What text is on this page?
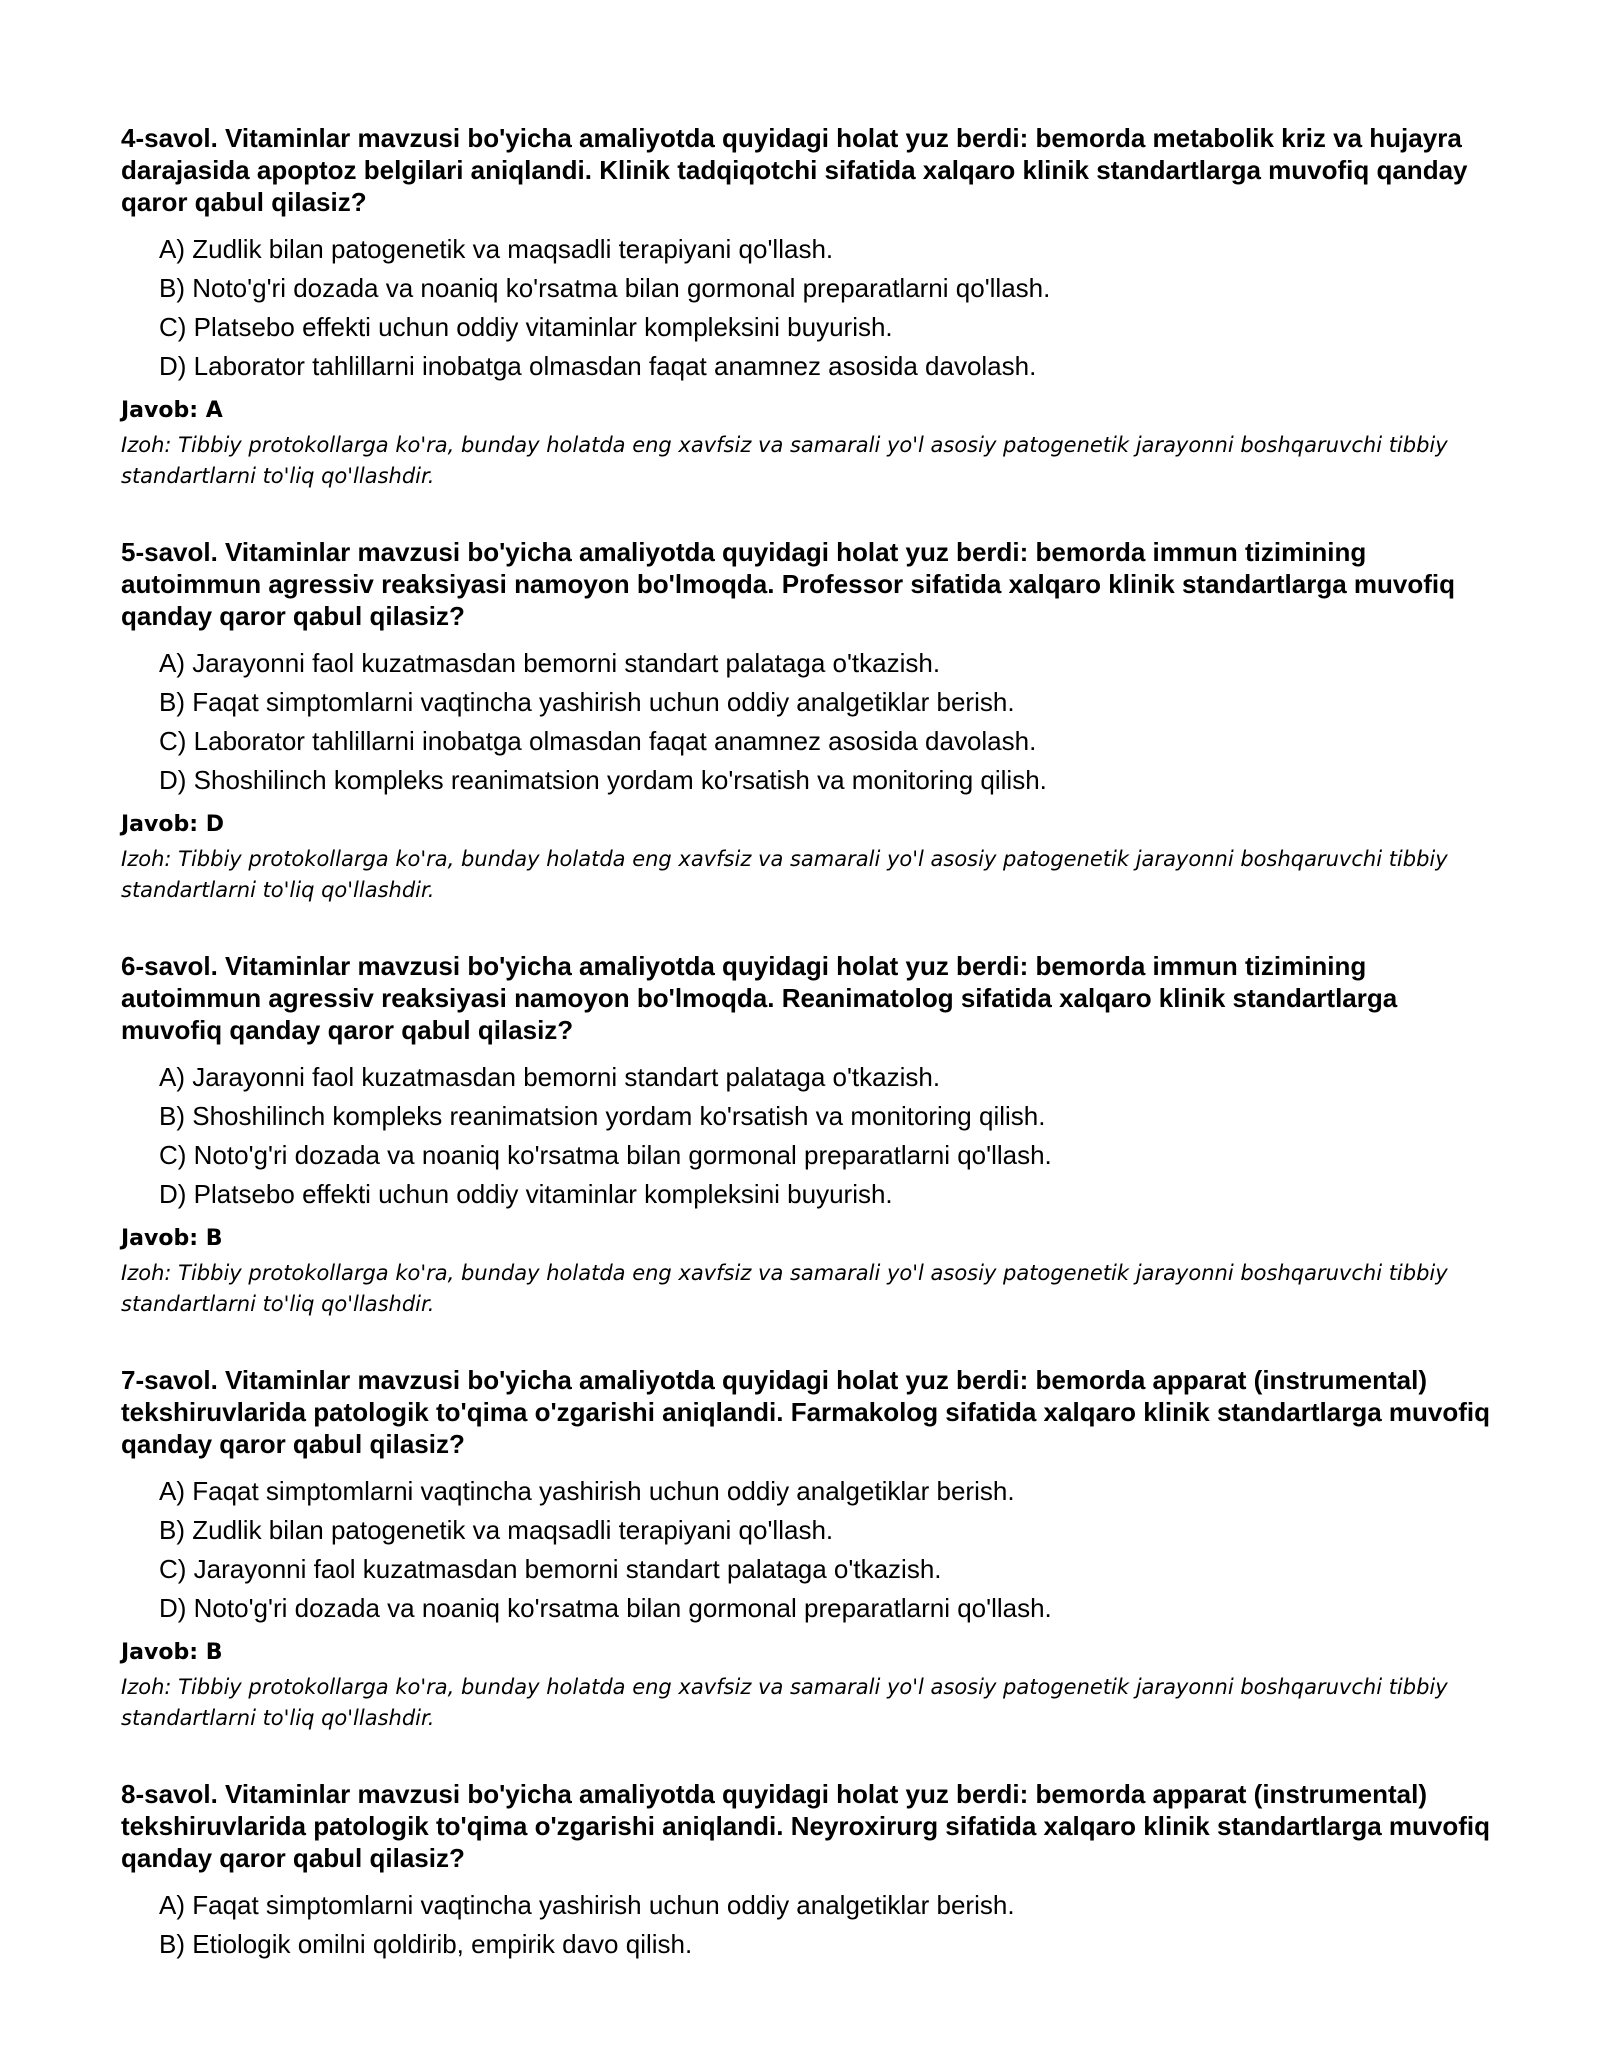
4-savol. Vitaminlar mavzusi bo'yicha amaliyotda quyidagi holat yuz berdi: bemorda metabolik kriz va hujayra darajasida apoptoz belgilari aniqlandi. Klinik tadqiqotchi sifatida xalqaro klinik standartlarga muvofiq qanday qaror qabul qilasiz?

A) Zudlik bilan patogenetik va maqsadli terapiyani qo'llash.
B) Noto'g'ri dozada va noaniq ko'rsatma bilan gormonal preparatlarni qo'llash.
C) Platsebo effekti uchun oddiy vitaminlar kompleksini buyurish.
D) Laborator tahlillarni inobatga olmasdan faqat anamnez asosida davolash.

Javob: A

Izoh: Tibbiy protokollarga ko'ra, bunday holatda eng xavfsiz va samarali yo'l asosiy patogenetik jarayonni boshqaruvchi tibbiy standartlarni to'liq qo'llashdir.

5-savol. Vitaminlar mavzusi bo'yicha amaliyotda quyidagi holat yuz berdi: bemorda immun tizimining autoimmun agressiv reaksiyasi namoyon bo'lmoqda. Professor sifatida xalqaro klinik standartlarga muvofiq qanday qaror qabul qilasiz?

A) Jarayonni faol kuzatmasdan bemorni standart palataga o'tkazish.
B) Faqat simptomlarni vaqtincha yashirish uchun oddiy analgetiklar berish.
C) Laborator tahlillarni inobatga olmasdan faqat anamnez asosida davolash.
D) Shoshilinch kompleks reanimatsion yordam ko'rsatish va monitoring qilish.

Javob: D

Izoh: Tibbiy protokollarga ko'ra, bunday holatda eng xavfsiz va samarali yo'l asosiy patogenetik jarayonni boshqaruvchi tibbiy standartlarni to'liq qo'llashdir.

6-savol. Vitaminlar mavzusi bo'yicha amaliyotda quyidagi holat yuz berdi: bemorda immun tizimining autoimmun agressiv reaksiyasi namoyon bo'lmoqda. Reanimatolog sifatida xalqaro klinik standartlarga muvofiq qanday qaror qabul qilasiz?

A) Jarayonni faol kuzatmasdan bemorni standart palataga o'tkazish.
B) Shoshilinch kompleks reanimatsion yordam ko'rsatish va monitoring qilish.
C) Noto'g'ri dozada va noaniq ko'rsatma bilan gormonal preparatlarni qo'llash.
D) Platsebo effekti uchun oddiy vitaminlar kompleksini buyurish.

Javob: B

Izoh: Tibbiy protokollarga ko'ra, bunday holatda eng xavfsiz va samarali yo'l asosiy patogenetik jarayonni boshqaruvchi tibbiy standartlarni to'liq qo'llashdir.

7-savol. Vitaminlar mavzusi bo'yicha amaliyotda quyidagi holat yuz berdi: bemorda apparat (instrumental) tekshiruvlarida patologik to'qima o'zgarishi aniqlandi. Farmakolog sifatida xalqaro klinik standartlarga muvofiq qanday qaror qabul qilasiz?

A) Faqat simptomlarni vaqtincha yashirish uchun oddiy analgetiklar berish.
B) Zudlik bilan patogenetik va maqsadli terapiyani qo'llash.
C) Jarayonni faol kuzatmasdan bemorni standart palataga o'tkazish.
D) Noto'g'ri dozada va noaniq ko'rsatma bilan gormonal preparatlarni qo'llash.

Javob: B

Izoh: Tibbiy protokollarga ko'ra, bunday holatda eng xavfsiz va samarali yo'l asosiy patogenetik jarayonni boshqaruvchi tibbiy standartlarni to'liq qo'llashdir.

8-savol. Vitaminlar mavzusi bo'yicha amaliyotda quyidagi holat yuz berdi: bemorda apparat (instrumental) tekshiruvlarida patologik to'qima o'zgarishi aniqlandi. Neyroxirurg sifatida xalqaro klinik standartlarga muvofiq qanday qaror qabul qilasiz?

A) Faqat simptomlarni vaqtincha yashirish uchun oddiy analgetiklar berish.
B) Etiologik omilni qoldirib, empirik davo qilish.
